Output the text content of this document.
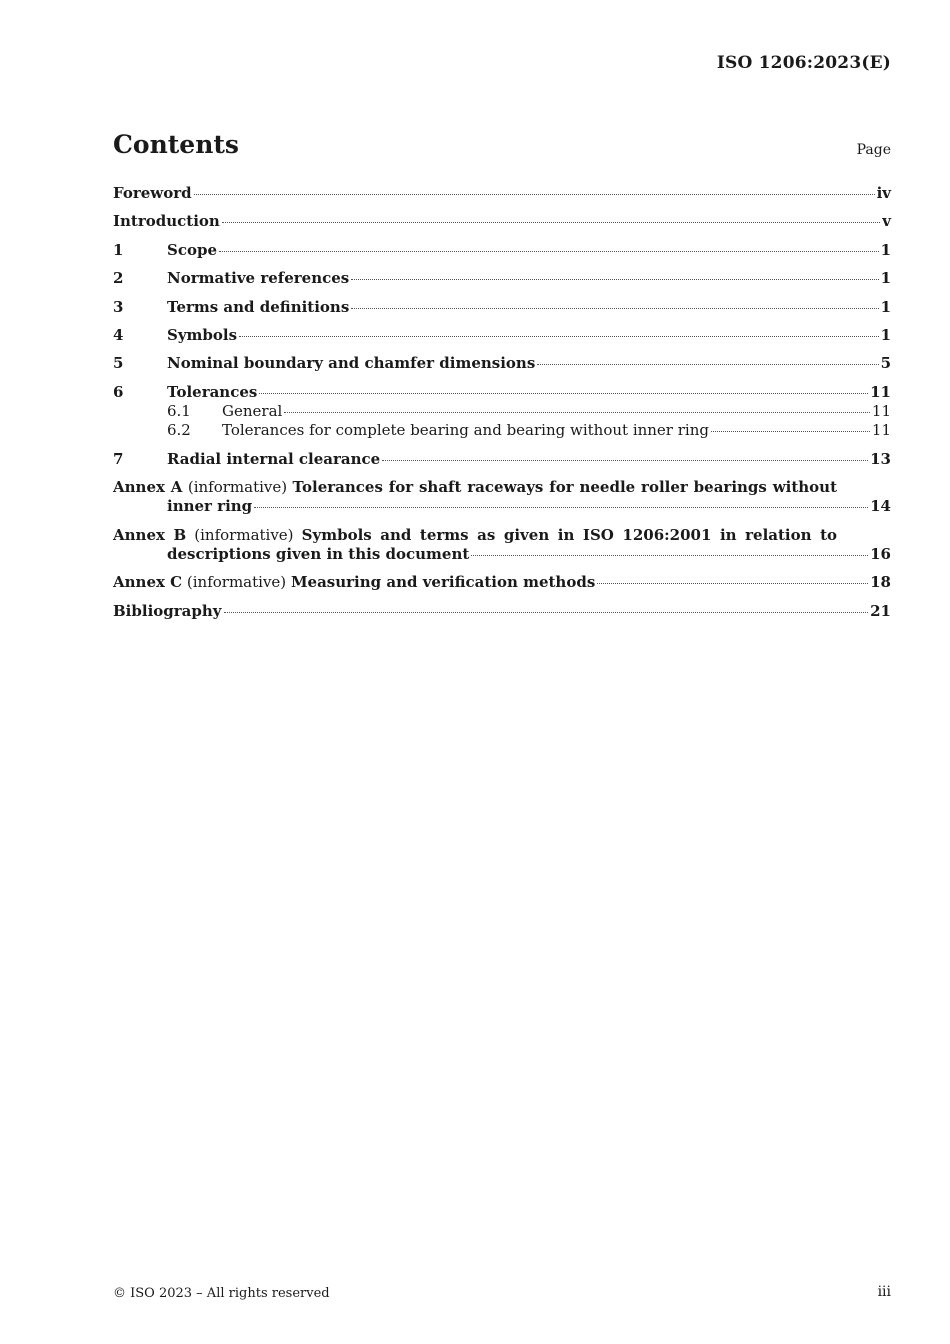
ISO 1206:2023(E)
Contents	Page
Foreword	iv
Introduction	v
1	Scope	1
2	Normative references	1
3	Terms and definitions	1
4	Symbols	1
5	Nominal boundary and chamfer dimensions	5
6	Tolerances	11
6.1	General	11
6.2	Tolerances for complete bearing and bearing without inner ring	11
7	Radial internal clearance	13
Annex A (informative) Tolerances for shaft raceways for needle roller bearings without
inner ring	14
Annex B (informative) Symbols and terms as given in ISO 1206:2001 in relation to
descriptions given in this document	16
Annex C (informative) Measuring and verification methods	18
Bibliography	21
© ISO 2023 – All rights reserved	iii
